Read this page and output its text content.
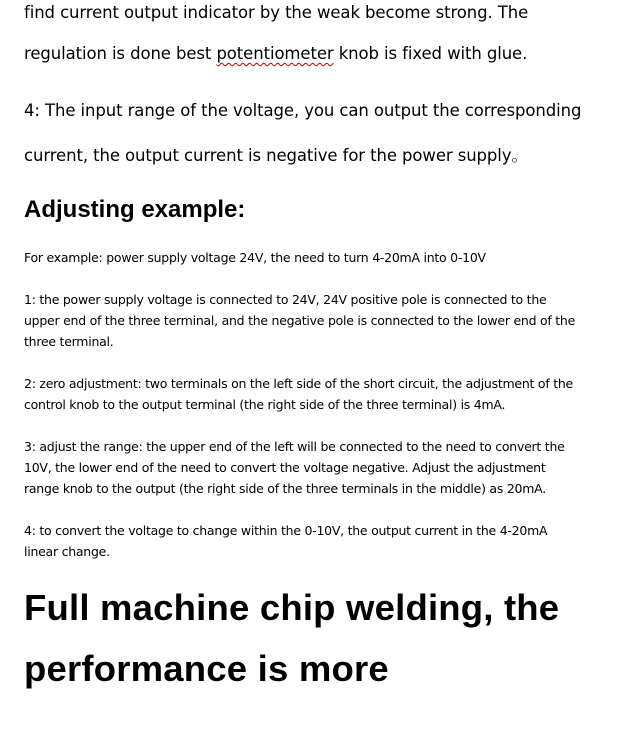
find current output indicator by the weak become strong. The
regulation is done best potentiometer knob is fixed with glue.
4: The input range of the voltage, you can output the corresponding
current, the output current is negative for the power supply。
Adjusting example:
For example: power supply voltage 24V, the need to turn 4-20mA into 0-10V
1: the power supply voltage is connected to 24V, 24V positive pole is connected to the
upper end of the three terminal, and the negative pole is connected to the lower end of the
three terminal.
2: zero adjustment: two terminals on the left side of the short circuit, the adjustment of the
control knob to the output terminal (the right side of the three terminal) is 4mA.
3: adjust the range: the upper end of the left will be connected to the need to convert the
10V, the lower end of the need to convert the voltage negative. Adjust the adjustment
range knob to the output (the right side of the three terminals in the middle) as 20mA.
4: to convert the voltage to change within the 0-10V, the output current in the 4-20mA
linear change.
Full machine chip welding, the
performance is more
